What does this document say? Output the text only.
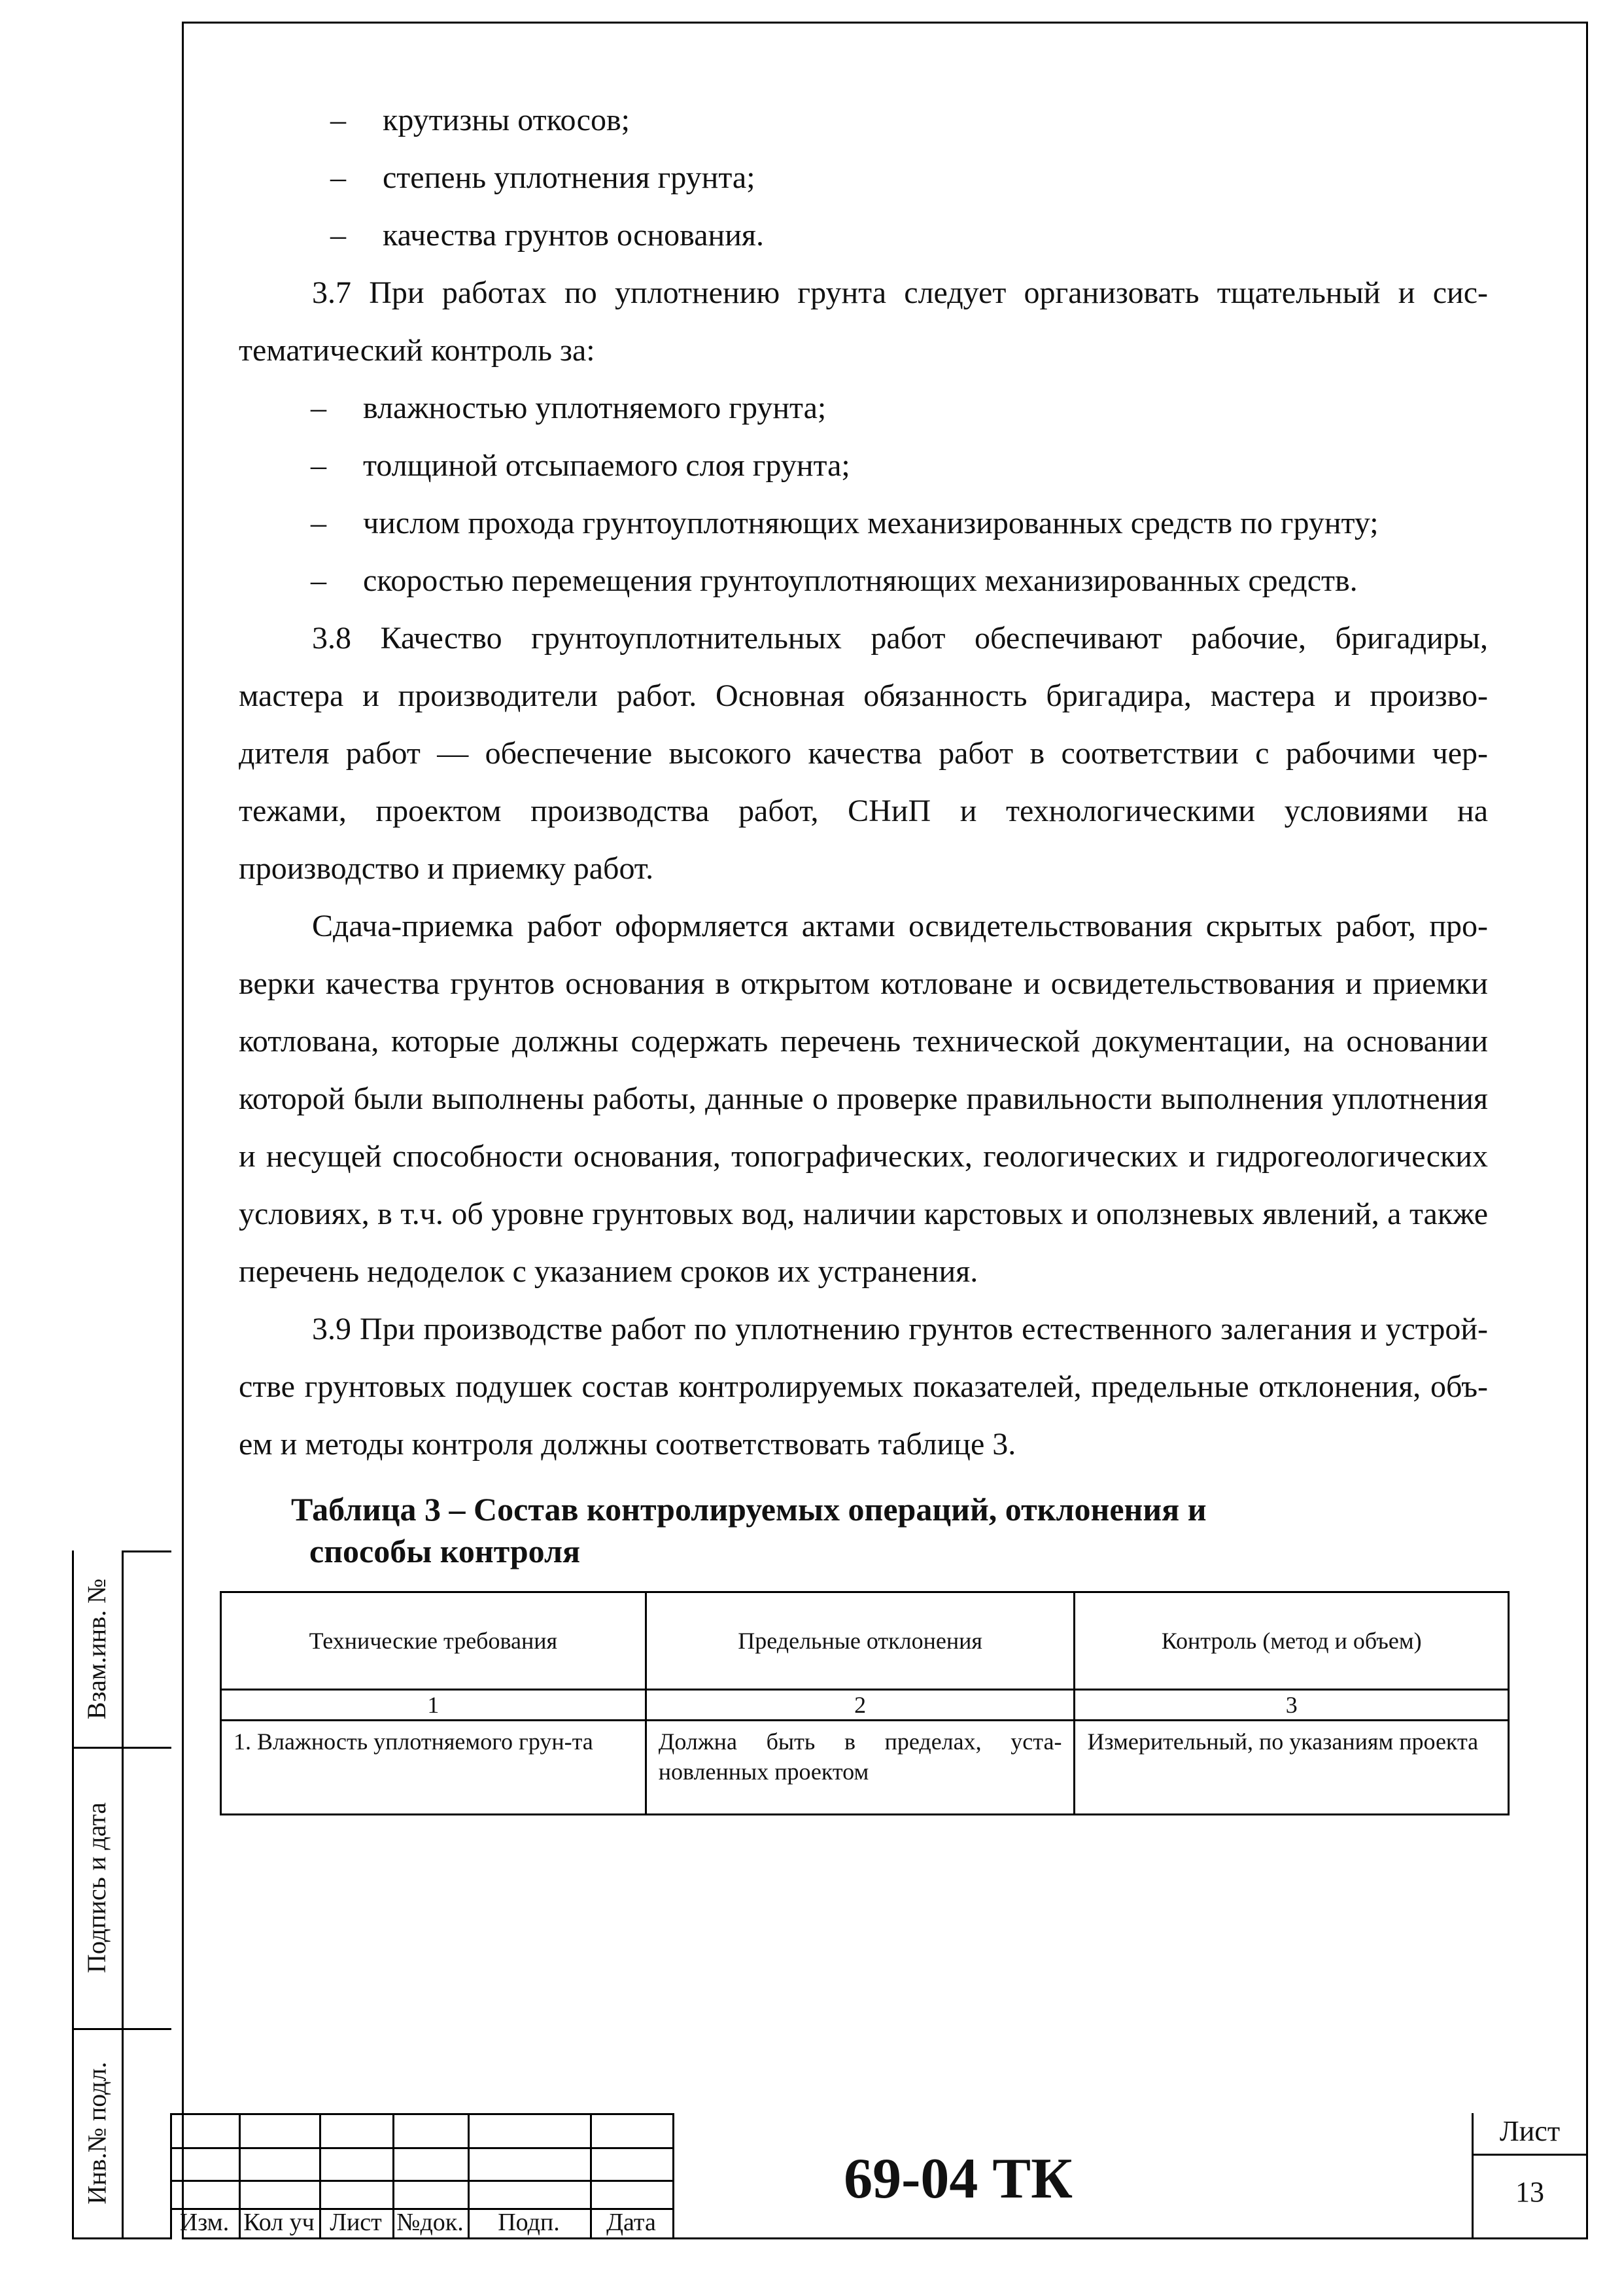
– крутизны откосов;
– степень уплотнения грунта;
– качества грунтов основания.
3.7 При работах по уплотнению грунта следует организовать тщательный и сис-
тематический контроль за:
– влажностью уплотняемого грунта;
– толщиной отсыпаемого слоя грунта;
– числом прохода грунтоуплотняющих механизированных средств по грунту;
– скоростью перемещения грунтоуплотняющих механизированных средств.
3.8 Качество грунтоуплотнительных работ обеспечивают рабочие, бригадиры,
мастера и производители работ. Основная обязанность бригадира, мастера и произво-
дителя работ — обеспечение высокого качества работ в соответствии с рабочими чер-
тежами, проектом производства работ, СНиП и технологическими условиями на
производство и приемку работ.
Сдача-приемка работ оформляется актами освидетельствования скрытых работ, про-
верки качества грунтов основания в открытом котловане и освидетельствования и приемки
котлована, которые должны содержать перечень технической документации, на основании
которой были выполнены работы, данные о проверке правильности выполнения уплотнения
и несущей способности основания, топографических, геологических и гидрогеологических
условиях, в т.ч. об уровне грунтовых вод, наличии карстовых и оползневых явлений, а также
перечень недоделок с указанием сроков их устранения.
3.9 При производстве работ по уплотнению грунтов естественного залегания и устрой-
стве грунтовых подушек состав контролируемых показателей, предельные отклонения, объ-
ем и методы контроля должны соответствовать таблице 3.
Таблица 3 – Состав контролируемых операций, отклонения и
способы контроля
Технические требования	Предельные отклонения	Контроль (метод и объем)
1	2	3
1. Влажность уплотняемого грун-та	Должна быть в пределах, уста-новленных проектом	Измерительный, по указаниям проекта
Взам.инв. №
Подпись и дата
Инв.№ подл.
Изм. Кол уч Лист №док.	Подп.	Дата
69-04 ТК
Лист
13
